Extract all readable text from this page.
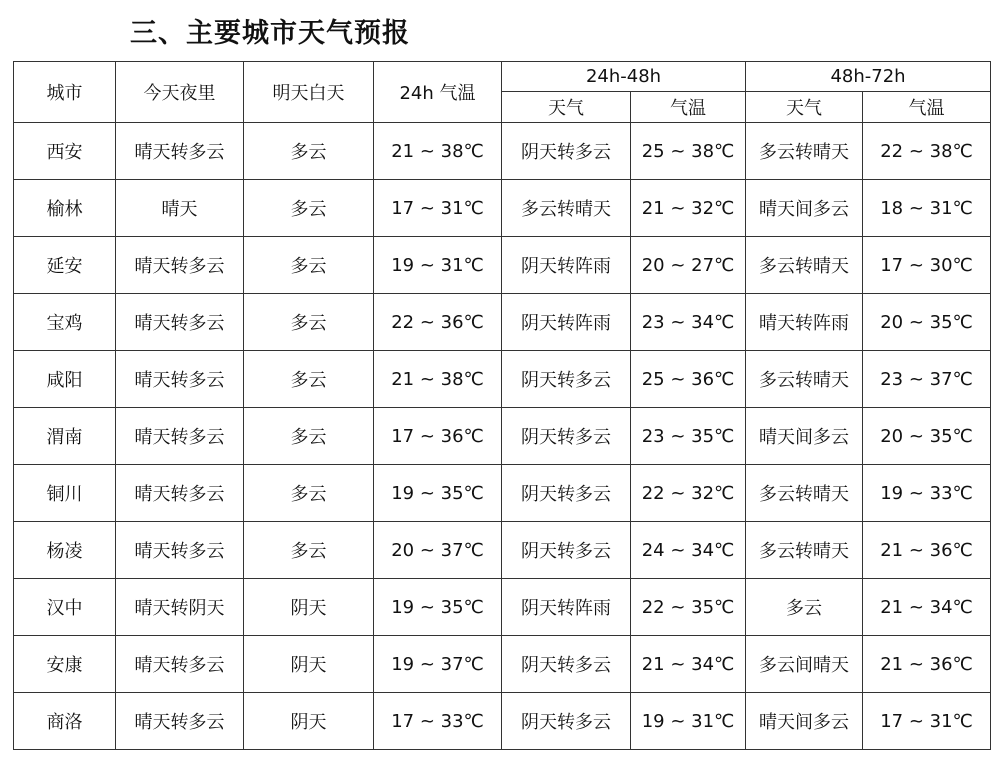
三、主要城市天气预报
城市	今天夜里	明天白天	24h 气温	24h-48h		48h-72h	
				天气	气温	天气	气温
西安	晴天转多云	多云	21 ~ 38℃	阴天转多云	25 ~ 38℃	多云转晴天	22 ~ 38℃
榆林	晴天	多云	17 ~ 31℃	多云转晴天	21 ~ 32℃	晴天间多云	18 ~ 31℃
延安	晴天转多云	多云	19 ~ 31℃	阴天转阵雨	20 ~ 27℃	多云转晴天	17 ~ 30℃
宝鸡	晴天转多云	多云	22 ~ 36℃	阴天转阵雨	23 ~ 34℃	晴天转阵雨	20 ~ 35℃
咸阳	晴天转多云	多云	21 ~ 38℃	阴天转多云	25 ~ 36℃	多云转晴天	23 ~ 37℃
渭南	晴天转多云	多云	17 ~ 36℃	阴天转多云	23 ~ 35℃	晴天间多云	20 ~ 35℃
铜川	晴天转多云	多云	19 ~ 35℃	阴天转多云	22 ~ 32℃	多云转晴天	19 ~ 33℃
杨凌	晴天转多云	多云	20 ~ 37℃	阴天转多云	24 ~ 34℃	多云转晴天	21 ~ 36℃
汉中	晴天转阴天	阴天	19 ~ 35℃	阴天转阵雨	22 ~ 35℃	多云	21 ~ 34℃
安康	晴天转多云	阴天	19 ~ 37℃	阴天转多云	21 ~ 34℃	多云间晴天	21 ~ 36℃
商洛	晴天转多云	阴天	17 ~ 33℃	阴天转多云	19 ~ 31℃	晴天间多云	17 ~ 31℃
